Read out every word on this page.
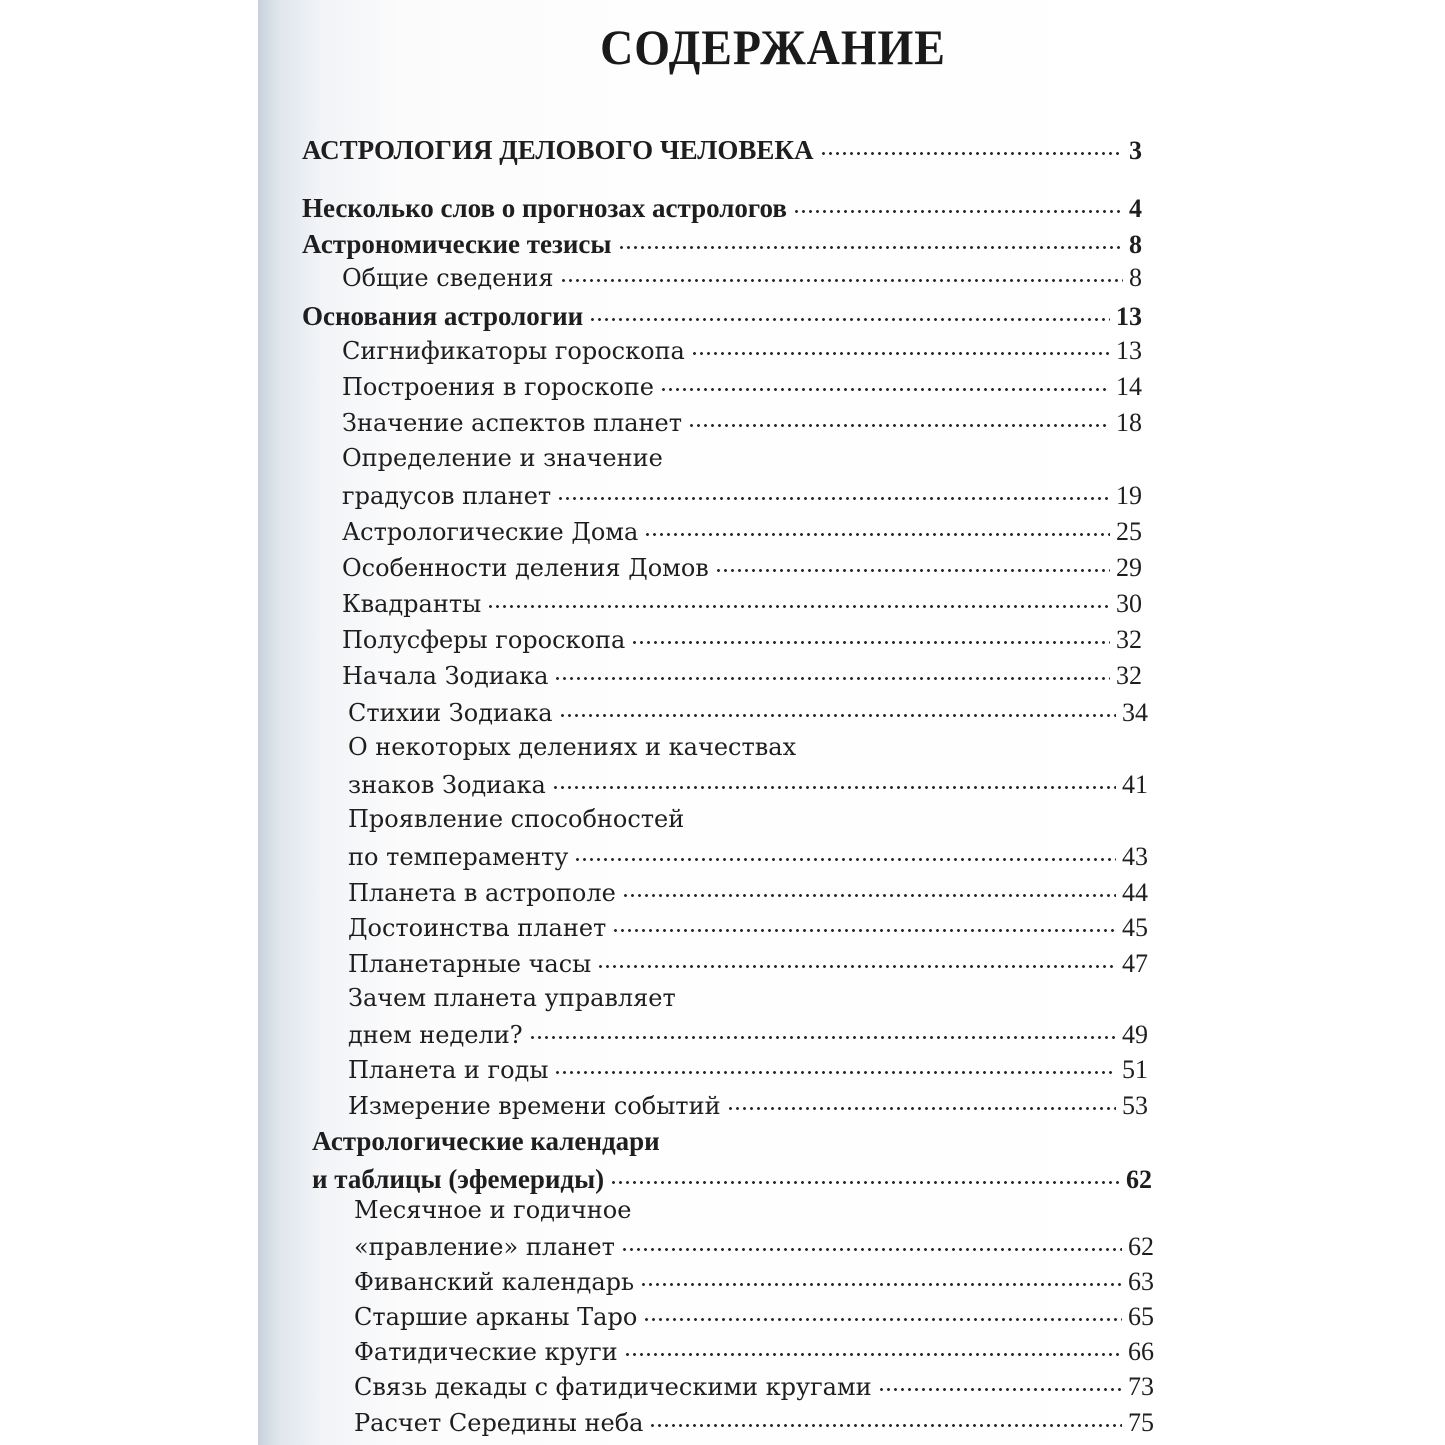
СОДЕРЖАНИЕ
АСТРОЛОГИЯ ДЕЛОВОГО ЧЕЛОВЕКА	3
Несколько слов о прогнозах астрологов	4
Астрономические тезисы	8
Общие сведения	8
Основания астрологии	13
Сигнификаторы гороскопа	13
Построения в гороскопе	14
Значение аспектов планет	18
Определение и значение
градусов планет	19
Астрологические Дома	25
Особенности деления Домов	29
Квадранты	30
Полусферы гороскопа	32
Начала Зодиака	32
Стихии Зодиака	34
О некоторых делениях и качествах
знаков Зодиака	41
Проявление способностей
по темпераменту	43
Планета в астрополе	44
Достоинства планет	45
Планетарные часы	47
Зачем планета управляет
днем недели?	49
Планета и годы	51
Измерение времени событий	53
Астрологические календари
и таблицы (эфемериды)	62
Месячное и годичное
«правление» планет	62
Фиванский календарь	63
Старшие арканы Таро	65
Фатидические круги	66
Связь декады с фатидическими кругами	73
Расчет Середины неба	75
